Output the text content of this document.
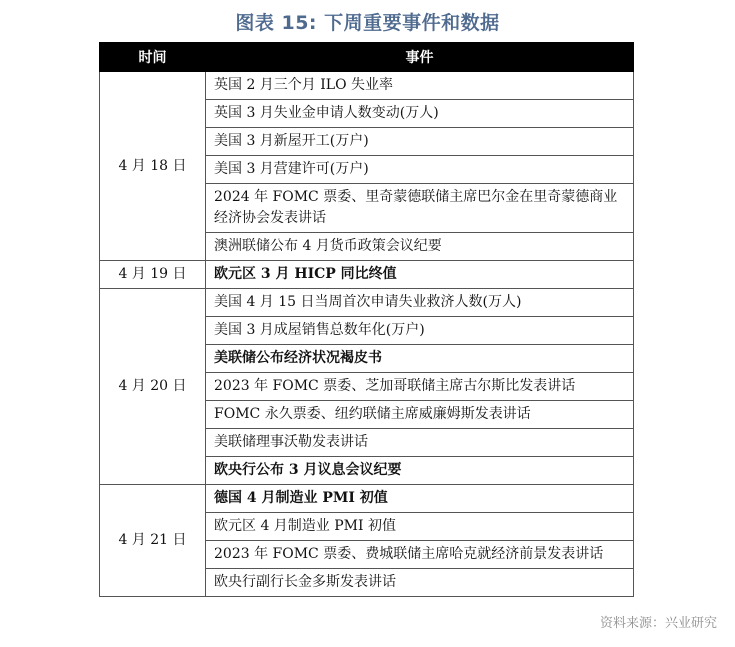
图表 15: 下周重要事件和数据
时间	事件
4 月 18 日	英国 2 月三个月 ILO 失业率
	英国 3 月失业金申请人数变动(万人)
	美国 3 月新屋开工(万户)
	美国 3 月营建许可(万户)
	2024 年 FOMC 票委、里奇蒙德联储主席巴尔金在里奇蒙德商业经济协会发表讲话
	澳洲联储公布 4 月货币政策会议纪要
4 月 19 日	欧元区 3 月 HICP 同比终值
4 月 20 日	美国 4 月 15 日当周首次申请失业救济人数(万人)
	美国 3 月成屋销售总数年化(万户)
	美联储公布经济状况褐皮书
	2023 年 FOMC 票委、芝加哥联储主席古尔斯比发表讲话
	FOMC 永久票委、纽约联储主席威廉姆斯发表讲话
	美联储理事沃勒发表讲话
	欧央行公布 3 月议息会议纪要
4 月 21 日	德国 4 月制造业 PMI 初值
	欧元区 4 月制造业 PMI 初值
	2023 年 FOMC 票委、费城联储主席哈克就经济前景发表讲话
	欧央行副行长金多斯发表讲话
资料来源：兴业研究
